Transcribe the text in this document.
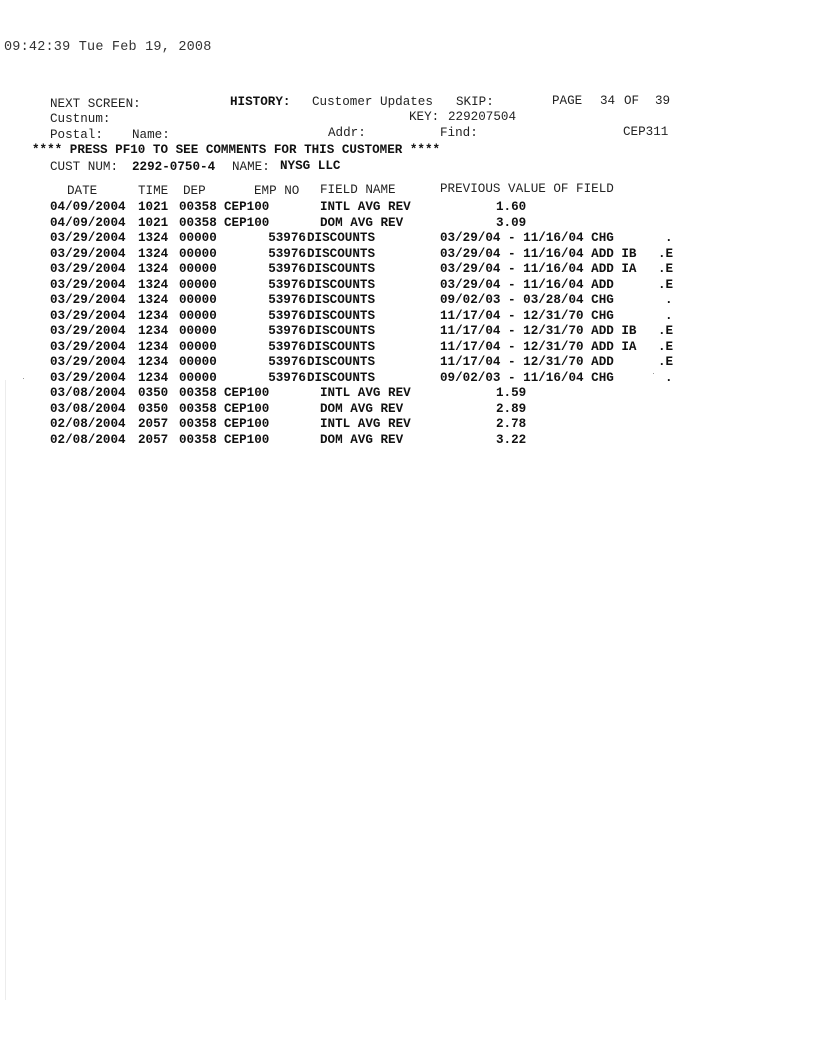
09:42:39 Tue Feb 19, 2008
NEXT SCREEN:	HISTORY: Customer Updates SKIP:	PAGE 34 OF 39
Custnum:	KEY: 229207504
Postal: Name:	Addr:	Find:	CEP311
**** PRESS PF10 TO SEE COMMENTS FOR THIS CUSTOMER ****
CUST NUM: 2292-0750-4 NAME: NYSG LLC
DATE	TIME DEP	EMP NO FIELD NAME	PREVIOUS VALUE OF FIELD
04/09/2004 1021 00358 CEP100	INTL AVG REV	1.60
04/09/2004 1021 00358 CEP100	DOM AVG REV	3.09
03/29/2004 1324 00000	53976 DISCOUNTS	03/29/04 - 11/16/04 CHG	.
03/29/2004 1324 00000	53976 DISCOUNTS	03/29/04 - 11/16/04 ADD IB .E
03/29/2004 1324 00000	53976 DISCOUNTS	03/29/04 - 11/16/04 ADD IA .E
03/29/2004 1324 00000	53976 DISCOUNTS	03/29/04 - 11/16/04 ADD	.E
03/29/2004 1324 00000	53976 DISCOUNTS	09/02/03 - 03/28/04 CHG	.
03/29/2004 1234 00000	53976 DISCOUNTS	11/17/04 - 12/31/70 CHG	.
03/29/2004 1234 00000	53976 DISCOUNTS	11/17/04 - 12/31/70 ADD IB .E
03/29/2004 1234 00000	53976 DISCOUNTS	11/17/04 - 12/31/70 ADD IA .E
03/29/2004 1234 00000	53976 DISCOUNTS	11/17/04 - 12/31/70 ADD	.E
03/29/2004 1234 00000	53976 DISCOUNTS	09/02/03 - 11/16/04 CHG	.
03/08/2004 0350 00358 CEP100	INTL AVG REV	1.59
03/08/2004 0350 00358 CEP100	DOM AVG REV	2.89
02/08/2004 2057 00358 CEP100	INTL AVG REV	2.78
02/08/2004 2057 00358 CEP100	DOM AVG REV	3.22
